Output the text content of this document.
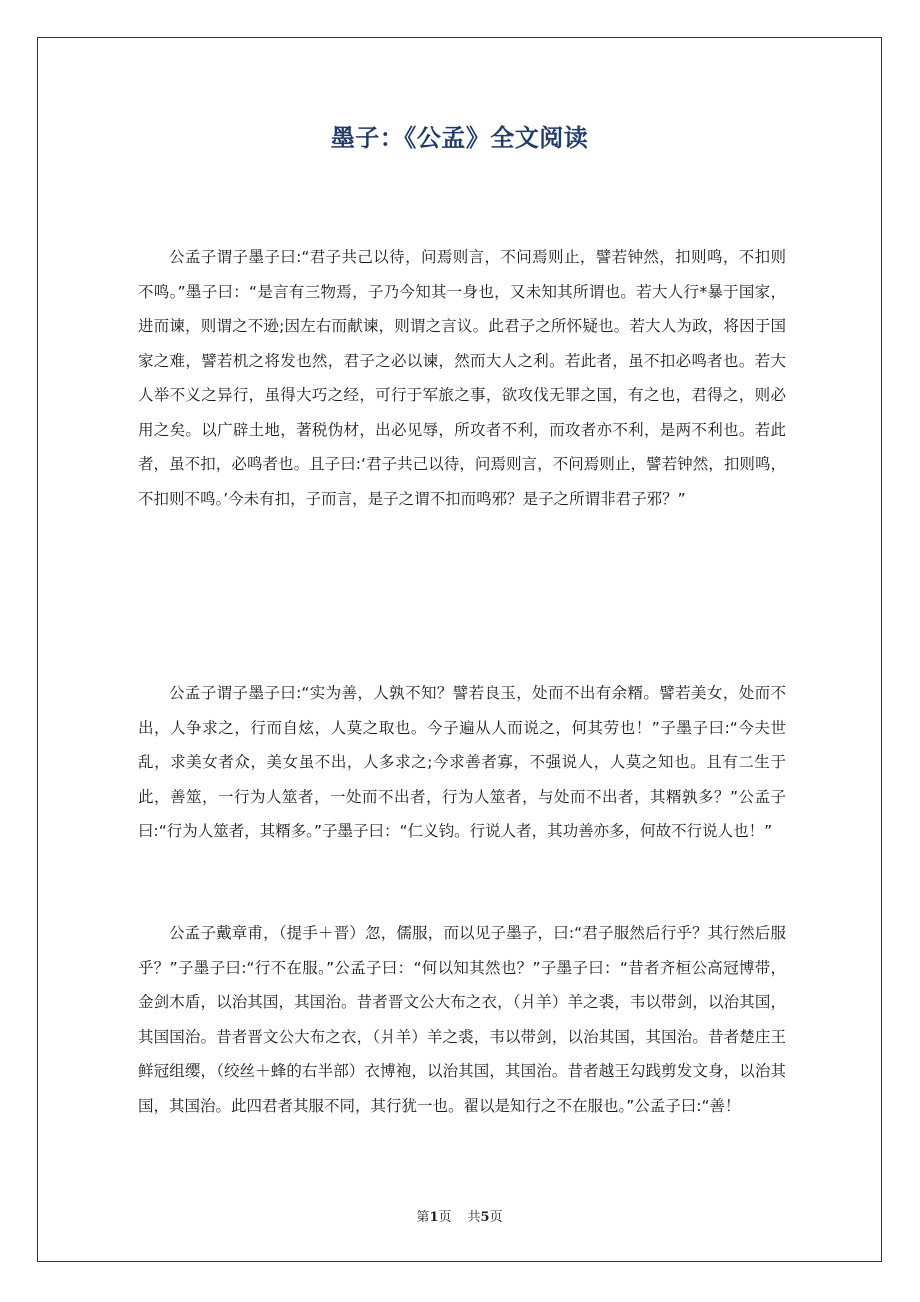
墨子：《公孟》全文阅读

公孟子谓子墨子曰:“君子共己以待，问焉则言，不问焉则止，譬若钟然，扣则鸣，不扣则不鸣。”墨子曰：“是言有三物焉，子乃今知其一身也，又未知其所谓也。若大人行*暴于国家，进而谏，则谓之不逊;因左右而献谏，则谓之言议。此君子之所怀疑也。若大人为政，将因于国家之难，譬若机之将发也然，君子之必以谏，然而大人之利。若此者，虽不扣必鸣者也。若大人举不义之异行，虽得大巧之经，可行于军旅之事，欲攻伐无罪之国，有之也，君得之，则必用之矣。以广辟土地，著税伪材，出必见辱，所攻者不利，而攻者亦不利，是两不利也。若此者，虽不扣，必鸣者也。且子曰:‘君子共己以待，问焉则言，不问焉则止，譬若钟然，扣则鸣，不扣则不鸣。’今未有扣，子而言，是子之谓不扣而鸣邪？是子之所谓非君子邪？”

公孟子谓子墨子曰:“实为善，人孰不知？譬若良玉，处而不出有余糈。譬若美女，处而不出，人争求之，行而自炫，人莫之取也。今子遍从人而说之，何其劳也！”子墨子曰:“今夫世乱，求美女者众，美女虽不出，人多求之;今求善者寡，不强说人，人莫之知也。且有二生于此，善筮，一行为人筮者，一处而不出者，行为人筮者，与处而不出者，其糈孰多？”公孟子曰:“行为人筮者，其糈多。”子墨子曰：“仁义钧。行说人者，其功善亦多，何故不行说人也！”

公孟子戴章甫，（提手＋晋）忽，儒服，而以见子墨子，曰:“君子服然后行乎？其行然后服乎？”子墨子曰:“行不在服。”公孟子曰：“何以知其然也？”子墨子曰：“昔者齐桓公高冠博带，金剑木盾，以治其国，其国治。昔者晋文公大布之衣，（爿羊）羊之裘，韦以带剑，以治其国，其国国治。昔者晋文公大布之衣，（爿羊）羊之裘，韦以带剑，以治其国，其国治。昔者楚庄王鲜冠组缨，（绞丝＋蜂的右半部）衣博袍，以治其国，其国治。昔者越王勾践剪发文身，以治其国，其国治。此四君者其服不同，其行犹一也。翟以是知行之不在服也。”公孟子曰:“善！

第1页 共5页
